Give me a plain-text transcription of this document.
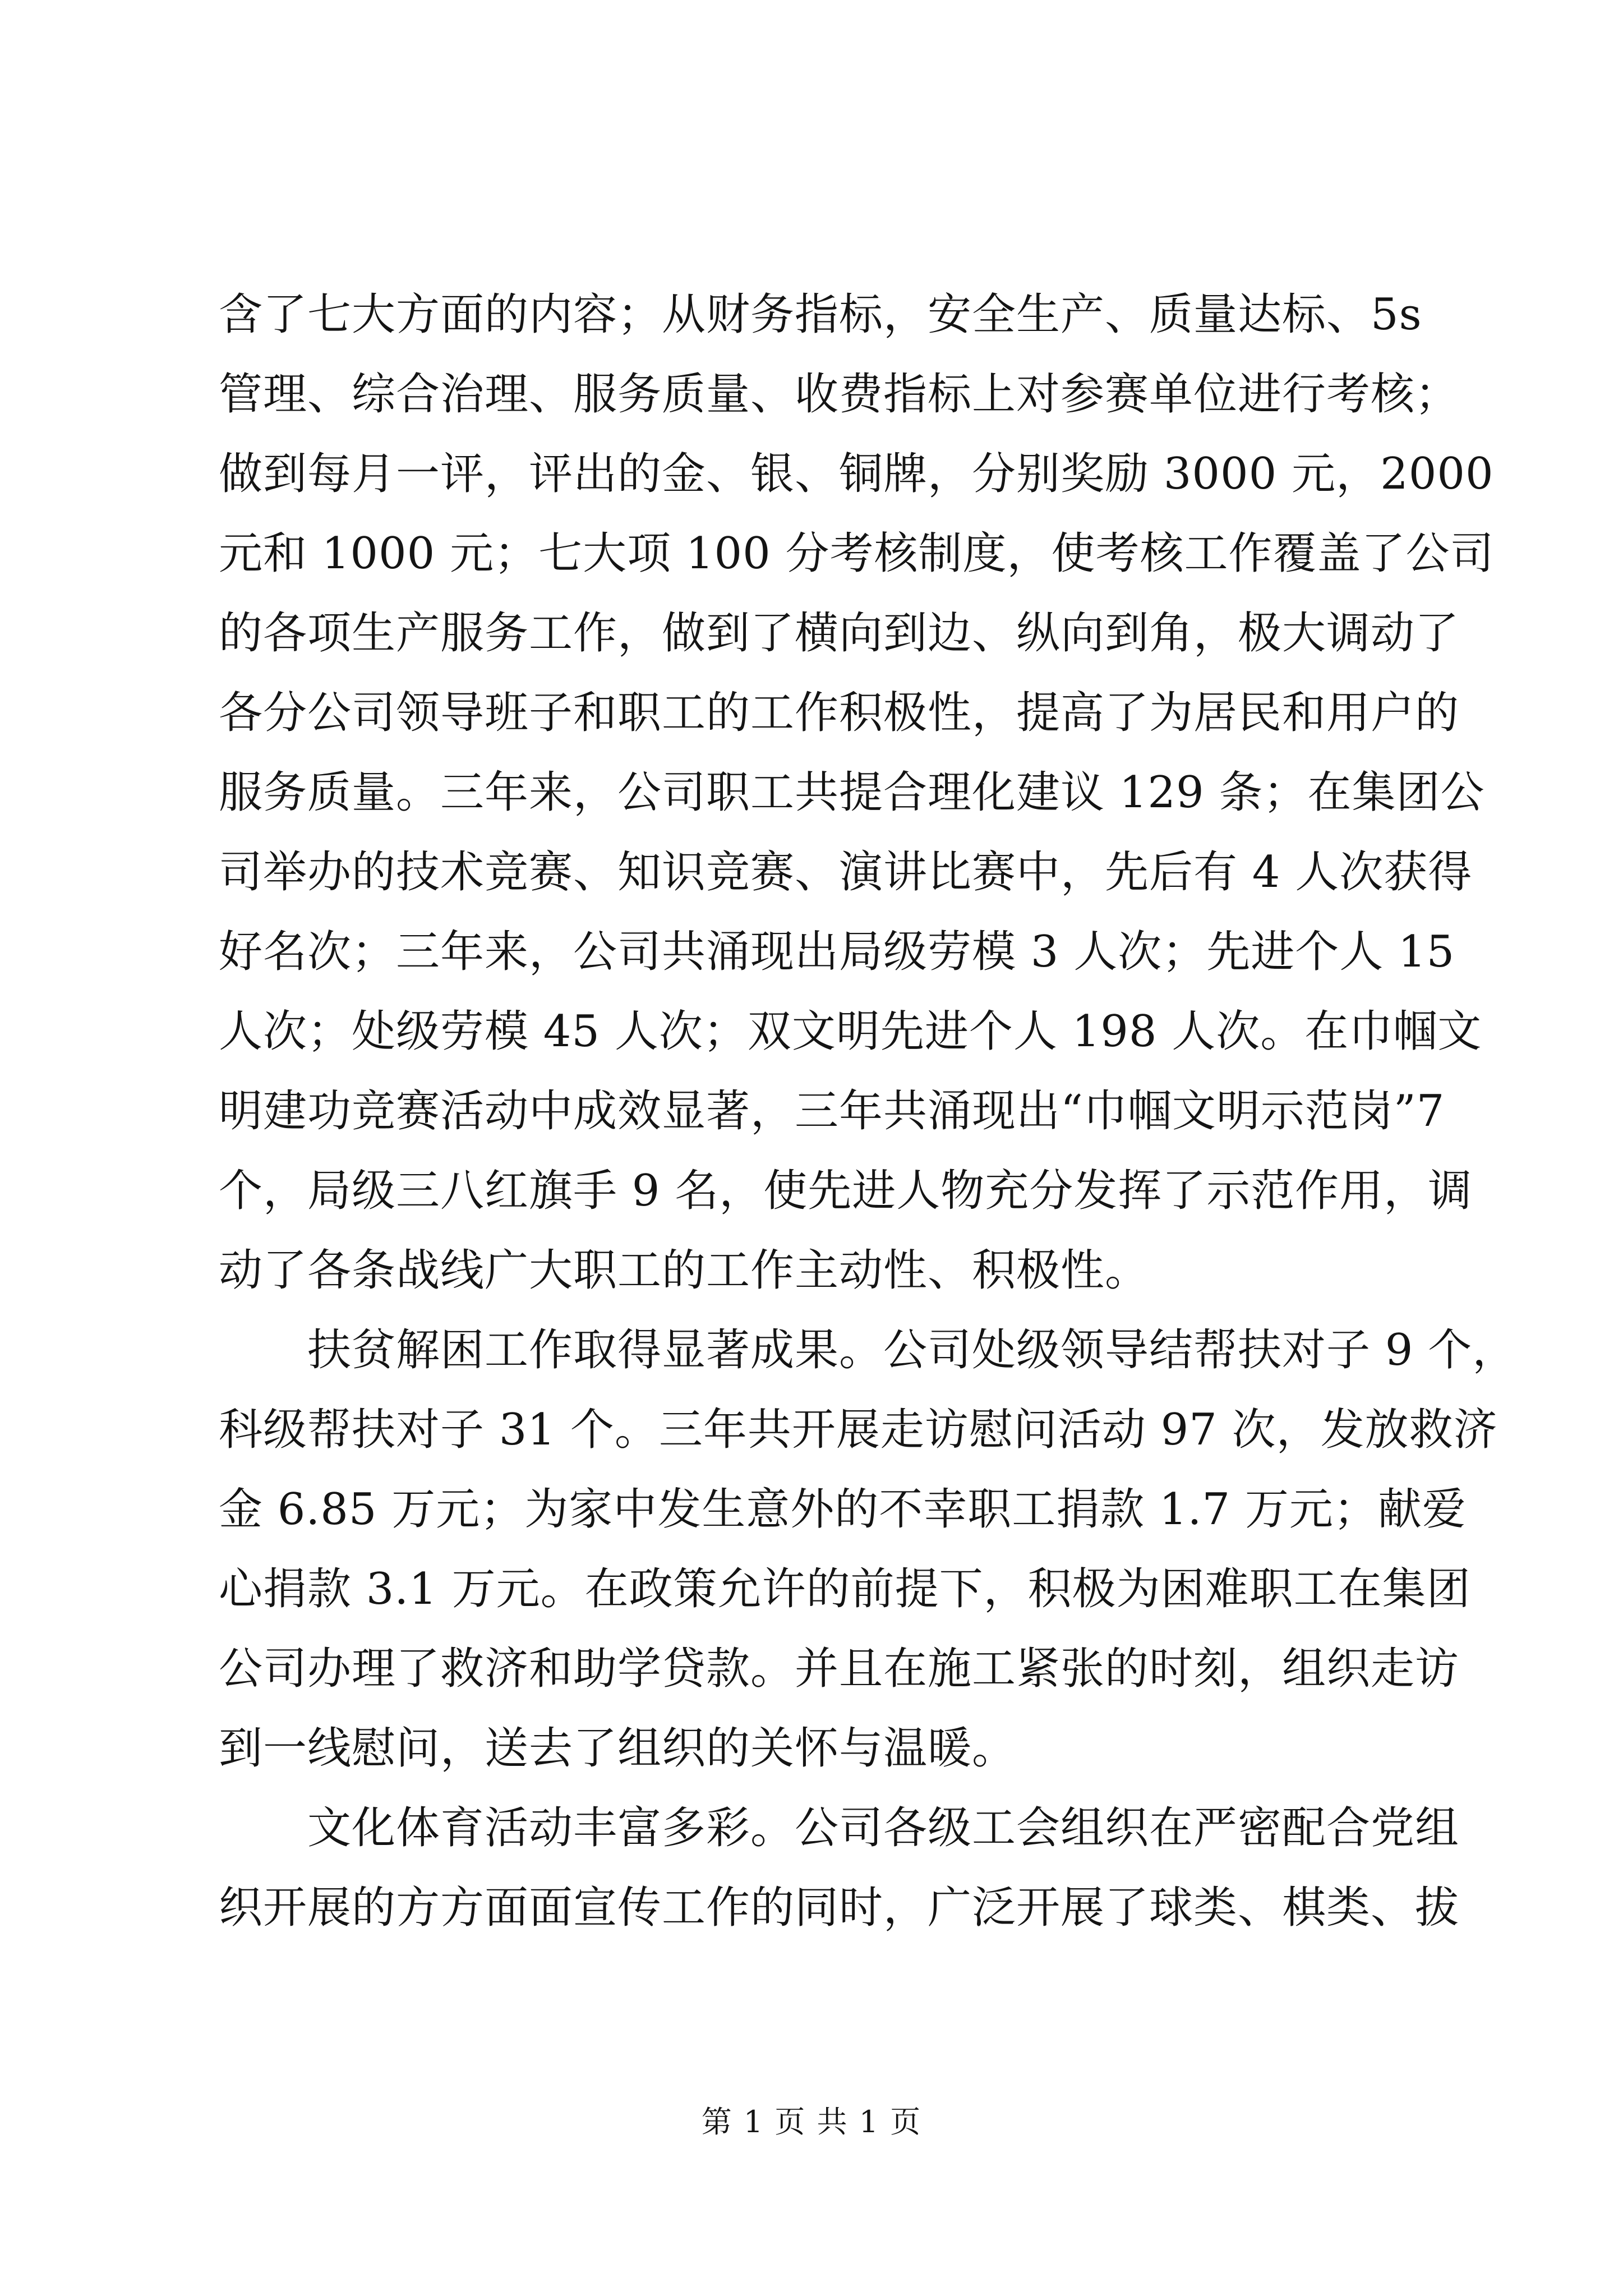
含了七大方面的内容；从财务指标，安全生产、质量达标、5s
管理、综合治理、服务质量、收费指标上对参赛单位进行考核；
做到每月一评，评出的金、银、铜牌，分别奖励 3000 元，2000
元和 1000 元；七大项 100 分考核制度，使考核工作覆盖了公司
的各项生产服务工作，做到了横向到边、纵向到角，极大调动了
各分公司领导班子和职工的工作积极性，提高了为居民和用户的
服务质量。三年来，公司职工共提合理化建议 129 条；在集团公
司举办的技术竞赛、知识竞赛、演讲比赛中，先后有 4 人次获得
好名次；三年来，公司共涌现出局级劳模 3 人次；先进个人 15
人次；处级劳模 45 人次；双文明先进个人 198 人次。在巾帼文
明建功竞赛活动中成效显著，三年共涌现出“巾帼文明示范岗”7
个，局级三八红旗手 9 名，使先进人物充分发挥了示范作用，调
动了各条战线广大职工的工作主动性、积极性。
　　扶贫解困工作取得显著成果。公司处级领导结帮扶对子 9 个，
科级帮扶对子 31 个。三年共开展走访慰问活动 97 次，发放救济
金 6.85 万元；为家中发生意外的不幸职工捐款 1.7 万元；献爱
心捐款 3.1 万元。在政策允许的前提下，积极为困难职工在集团
公司办理了救济和助学贷款。并且在施工紧张的时刻，组织走访
到一线慰问，送去了组织的关怀与温暖。
　　文化体育活动丰富多彩。公司各级工会组织在严密配合党组
织开展的方方面面宣传工作的同时，广泛开展了球类、棋类、拔
第 1 页 共 1 页
